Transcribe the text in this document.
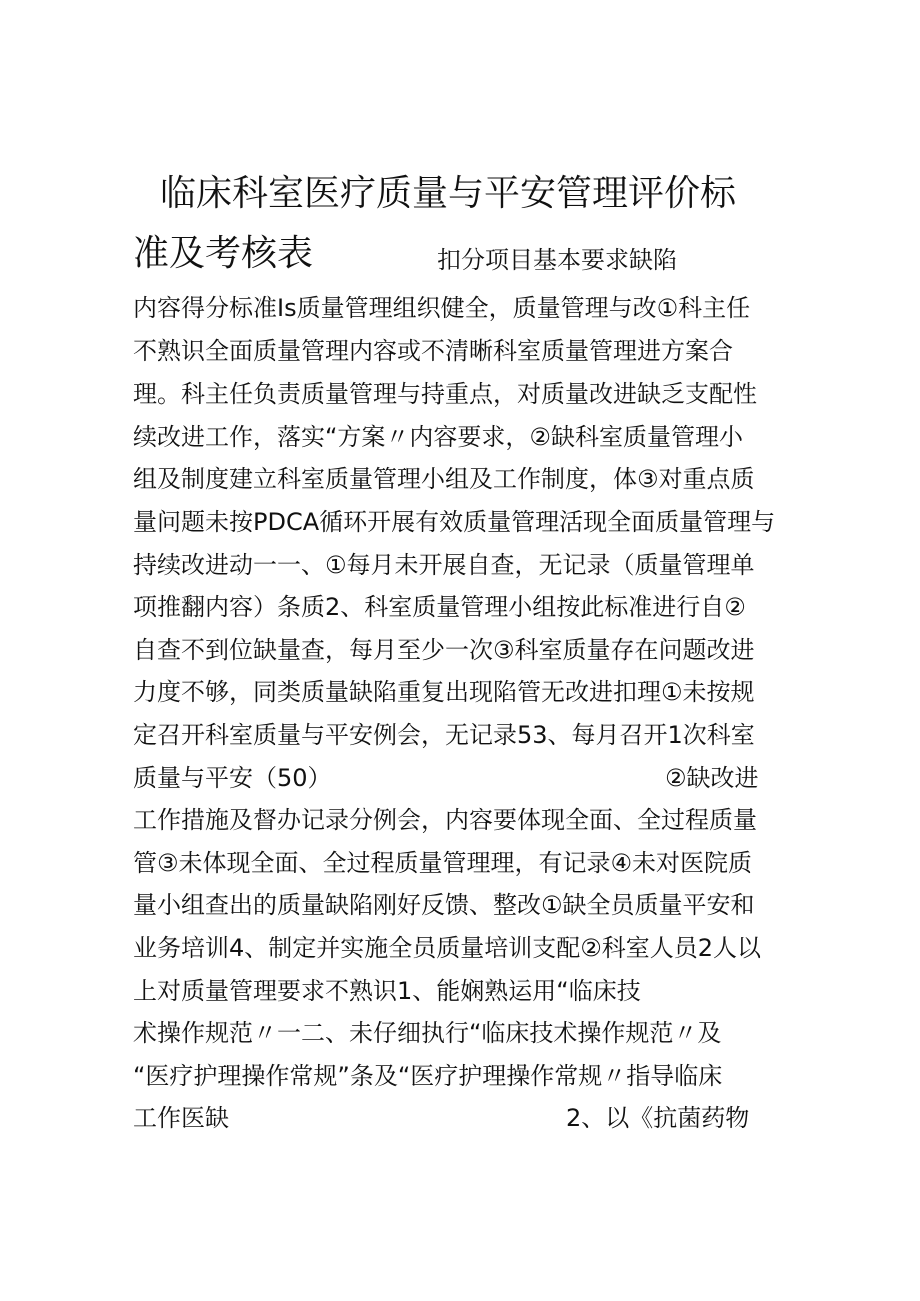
临床科室医疗质量与平安管理评价标
准及考核表	扣分项目基本要求缺陷
内容得分标准Is质量管理组织健全，质量管理与改①科主任
不熟识全面质量管理内容或不清晰科室质量管理进方案合
理。科主任负责质量管理与持重点，对质量改进缺乏支配性
续改进工作，落实“方案〃内容要求，②缺科室质量管理小
组及制度建立科室质量管理小组及工作制度，体③对重点质
量问题未按PDCA循环开展有效质量管理活现全面质量管理与
持续改进动一一、①每月未开展自查，无记录（质量管理单
项推翻内容）条质2、科室质量管理小组按此标准进行自②
自查不到位缺量查，每月至少一次③科室质量存在问题改进
力度不够，同类质量缺陷重复出现陷管无改进扣理①未按规
定召开科室质量与平安例会，无记录53、每月召开1次科室
质量与平安（50）	②缺改进
工作措施及督办记录分例会，内容要体现全面、全过程质量
管③未体现全面、全过程质量管理理，有记录④未对医院质
量小组查出的质量缺陷刚好反馈、整改①缺全员质量平安和
业务培训4、制定并实施全员质量培训支配②科室人员2人以
上对质量管理要求不熟识1、能娴熟运用“临床技
术操作规范〃一二、未仔细执行“临床技术操作规范〃及
“医疗护理操作常规”条及“医疗护理操作常规〃指导临床
工作医缺	2、以《抗菌药物
